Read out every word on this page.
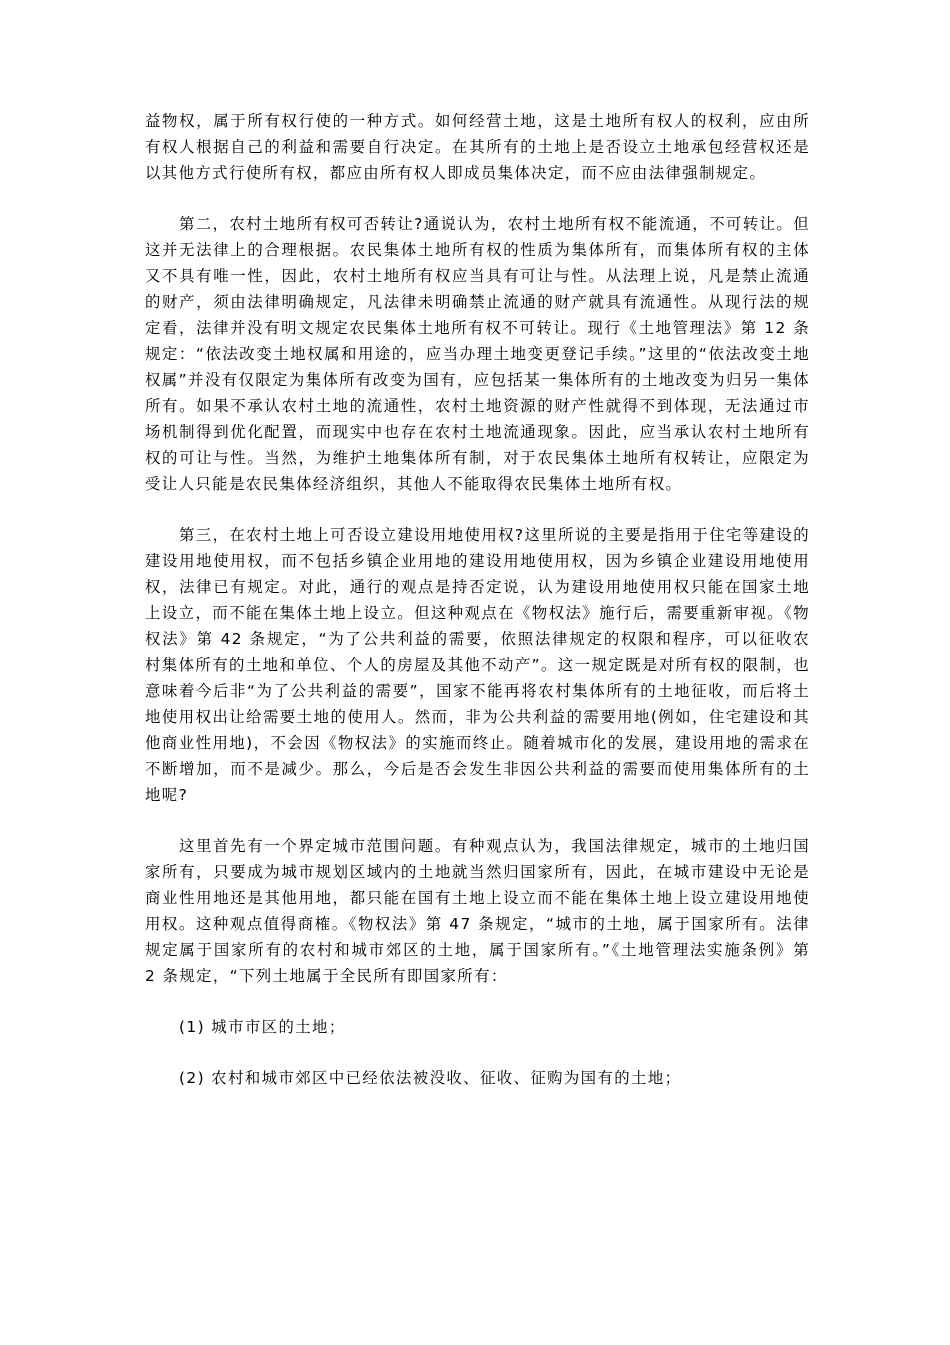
益物权，属于所有权行使的一种方式。如何经营土地，这是土地所有权人的权利，应由所有权人根据自己的利益和需要自行决定。在其所有的土地上是否设立土地承包经营权还是以其他方式行使所有权，都应由所有权人即成员集体决定，而不应由法律强制规定。

第二，农村土地所有权可否转让?通说认为，农村土地所有权不能流通，不可转让。但这并无法律上的合理根据。农民集体土地所有权的性质为集体所有，而集体所有权的主体又不具有唯一性，因此，农村土地所有权应当具有可让与性。从法理上说，凡是禁止流通的财产，须由法律明确规定，凡法律未明确禁止流通的财产就具有流通性。从现行法的规定看，法律并没有明文规定农民集体土地所有权不可转让。现行《土地管理法》第 12 条规定：“依法改变土地权属和用途的，应当办理土地变更登记手续。”这里的“依法改变土地权属”并没有仅限定为集体所有改变为国有，应包括某一集体所有的土地改变为归另一集体所有。如果不承认农村土地的流通性，农村土地资源的财产性就得不到体现，无法通过市场机制得到优化配置，而现实中也存在农村土地流通现象。因此，应当承认农村土地所有权的可让与性。当然，为维护土地集体所有制，对于农民集体土地所有权转让，应限定为受让人只能是农民集体经济组织，其他人不能取得农民集体土地所有权。

第三，在农村土地上可否设立建设用地使用权?这里所说的主要是指用于住宅等建设的建设用地使用权，而不包括乡镇企业用地的建设用地使用权，因为乡镇企业建设用地使用权，法律已有规定。对此，通行的观点是持否定说，认为建设用地使用权只能在国家土地上设立，而不能在集体土地上设立。但这种观点在《物权法》施行后，需要重新审视。《物权法》第 42 条规定，“为了公共利益的需要，依照法律规定的权限和程序，可以征收农村集体所有的土地和单位、个人的房屋及其他不动产”。这一规定既是对所有权的限制，也意味着今后非“为了公共利益的需要”，国家不能再将农村集体所有的土地征收，而后将土地使用权出让给需要土地的使用人。然而，非为公共利益的需要用地(例如，住宅建设和其他商业性用地)，不会因《物权法》的实施而终止。随着城市化的发展，建设用地的需求在不断增加，而不是减少。那么，今后是否会发生非因公共利益的需要而使用集体所有的土地呢?

这里首先有一个界定城市范围问题。有种观点认为，我国法律规定，城市的土地归国家所有，只要成为城市规划区域内的土地就当然归国家所有，因此，在城市建设中无论是商业性用地还是其他用地，都只能在国有土地上设立而不能在集体土地上设立建设用地使用权。这种观点值得商榷。《物权法》第 47 条规定，“城市的土地，属于国家所有。法律规定属于国家所有的农村和城市郊区的土地，属于国家所有。”《土地管理法实施条例》第 2 条规定，“下列土地属于全民所有即国家所有：

(1) 城市市区的土地；

(2) 农村和城市郊区中已经依法被没收、征收、征购为国有的土地；
